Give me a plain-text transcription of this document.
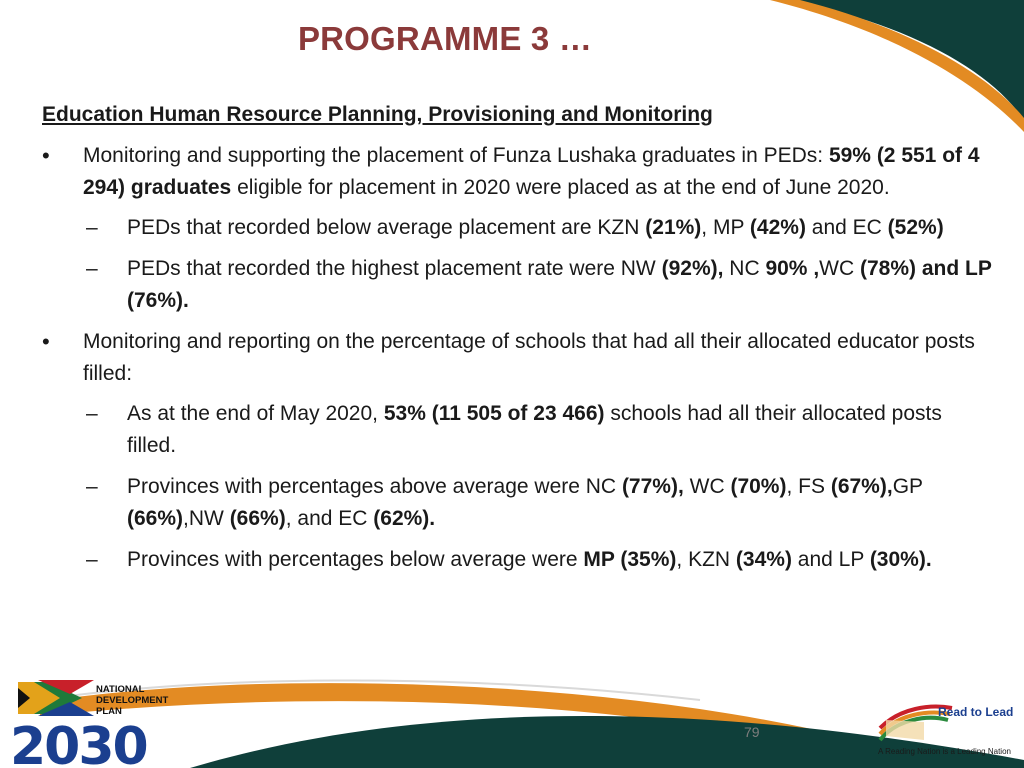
PROGRAMME 3 …
Education Human Resource Planning, Provisioning and Monitoring
• Monitoring and supporting the placement of Funza Lushaka graduates in PEDs: 59% (2 551 of 4 294) graduates eligible for placement in 2020 were placed as at the end of June 2020.
– PEDs that recorded below average placement are KZN (21%), MP (42%) and EC (52%)
– PEDs that recorded the highest placement rate were NW (92%), NC 90% ,WC (78%) and LP (76%).
• Monitoring and reporting on the percentage of schools that had all their allocated educator posts filled:
– As at the end of May 2020, 53% (11 505 of 23 466) schools had all their allocated posts filled.
– Provinces with percentages above average were NC (77%), WC (70%), FS (67%),GP (66%),NW (66%), and EC (62%).
– Provinces with percentages below average were MP (35%), KZN (34%) and LP (30%).
79
NATIONAL
DEVELOPMENT
PLAN
2030
Read to Lead
A Reading Nation is a Leading Nation
